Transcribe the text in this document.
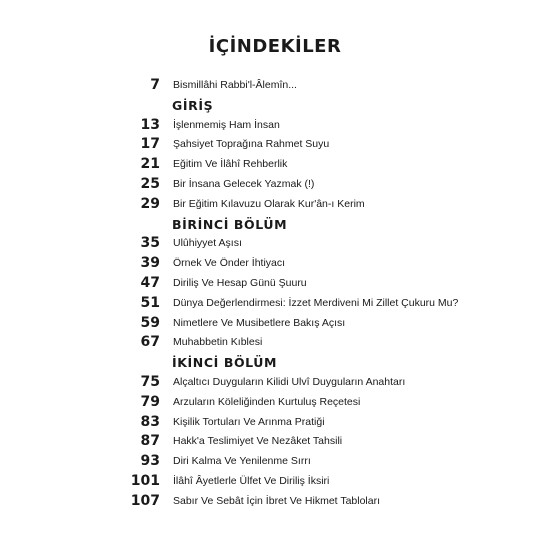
İÇİNDEKİLER
7 Bismillâhi Rabbi'l-Âlemîn...
GİRİŞ
13 İşlenmemiş Ham İnsan
17 Şahsiyet Toprağına Rahmet Suyu
21 Eğitim Ve İlâhî Rehberlik
25 Bir İnsana Gelecek Yazmak (!)
29 Bir Eğitim Kılavuzu Olarak Kur'ân-ı Kerim
BİRİNCİ BÖLÜM
35 Ulûhiyyet Aşısı
39 Örnek Ve Önder İhtiyacı
47 Diriliş Ve Hesap Günü Şuuru
51 Dünya Değerlendirmesi: İzzet Merdiveni Mi Zillet Çukuru Mu?
59 Nimetlere Ve Musibetlere Bakış Açısı
67 Muhabbetin Kıblesi
İKİNCİ BÖLÜM
75 Alçaltıcı Duyguların Kilidi Ulvî Duyguların Anahtarı
79 Arzuların Köleliğinden Kurtuluş Reçetesi
83 Kişilik Tortuları Ve Arınma Pratiği
87 Hakk'a Teslimiyet Ve Nezâket Tahsili
93 Diri Kalma Ve Yenilenme Sırrı
101 İlâhî Âyetlerle Ülfet Ve Diriliş İksiri
107 Sabır Ve Sebât İçin İbret Ve Hikmet Tabloları
